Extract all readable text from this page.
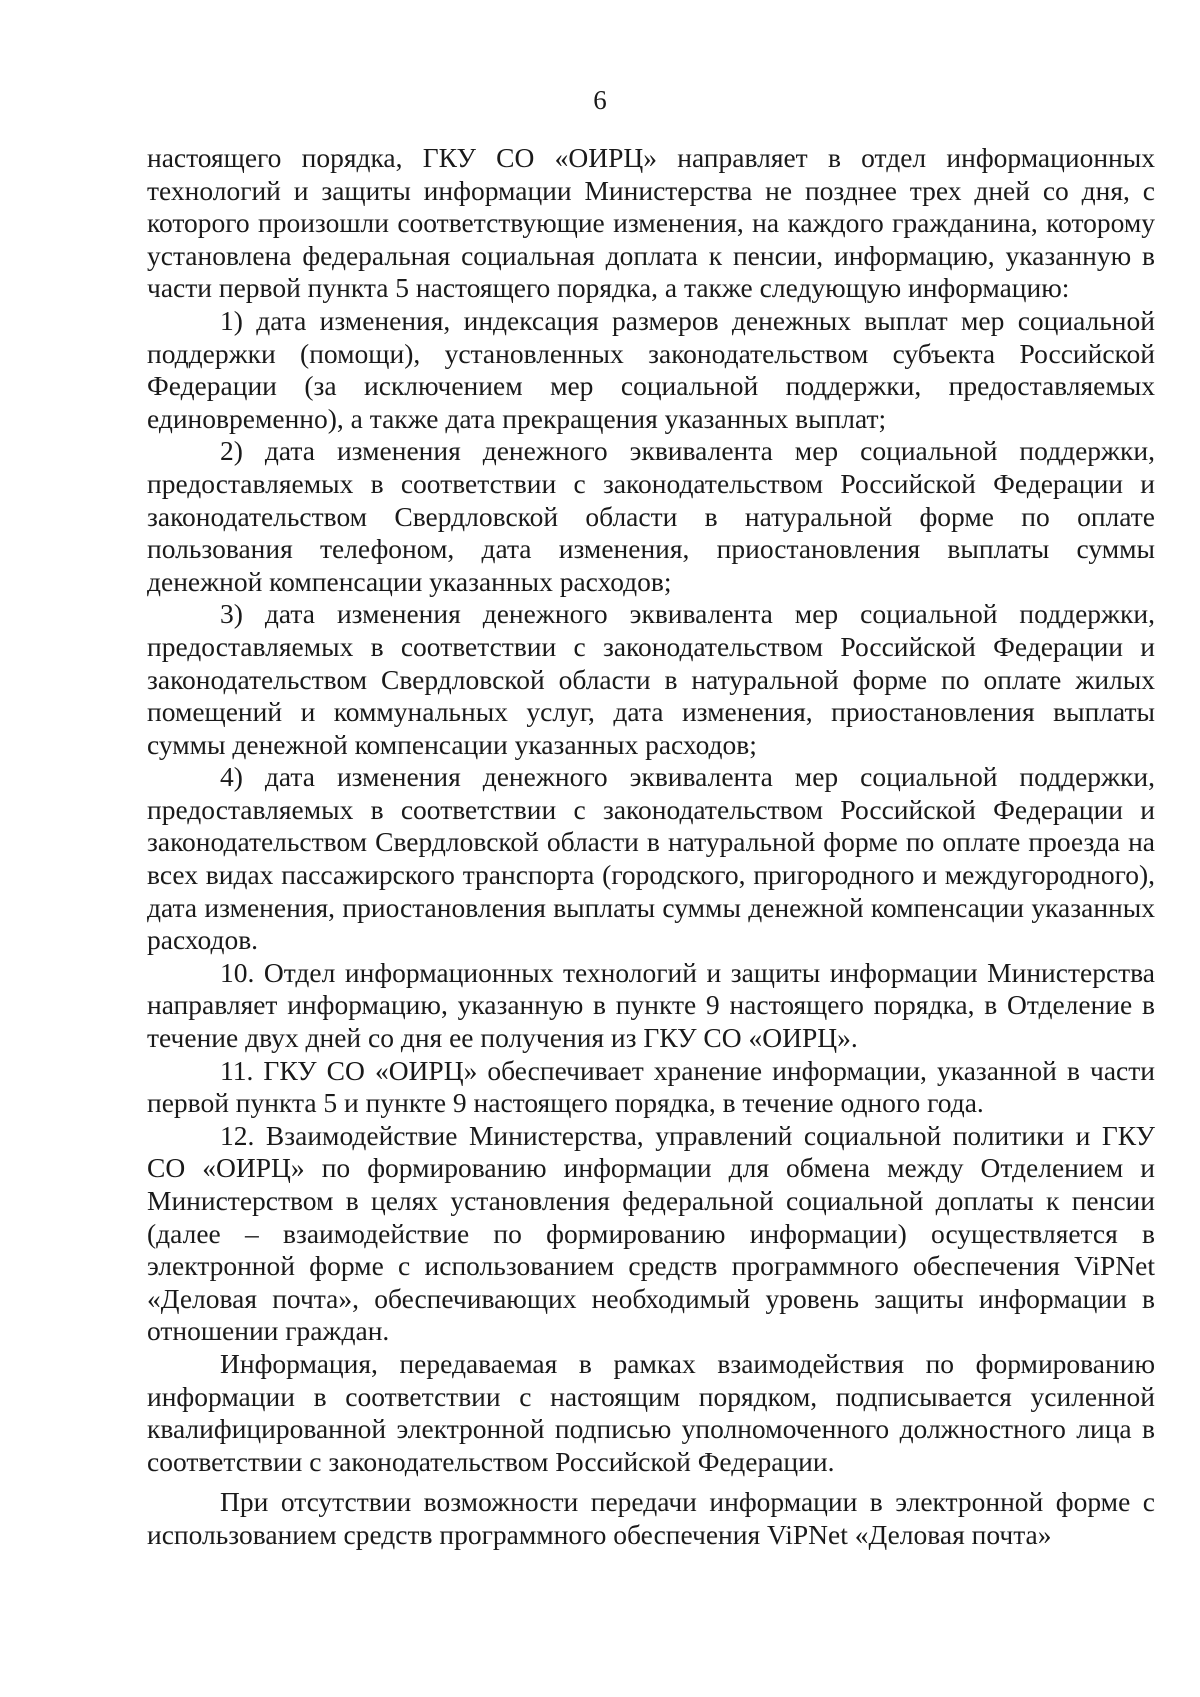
6

настоящего порядка, ГКУ СО «ОИРЦ» направляет в отдел информационных технологий и защиты информации Министерства не позднее трех дней со дня, с которого произошли соответствующие изменения, на каждого гражданина, которому установлена федеральная социальная доплата к пенсии, информацию, указанную в части первой пункта 5 настоящего порядка, а также следующую информацию:

1) дата изменения, индексация размеров денежных выплат мер социальной поддержки (помощи), установленных законодательством субъекта Российской Федерации (за исключением мер социальной поддержки, предоставляемых единовременно), а также дата прекращения указанных выплат;

2) дата изменения денежного эквивалента мер социальной поддержки, предоставляемых в соответствии с законодательством Российской Федерации и законодательством Свердловской области в натуральной форме по оплате пользования телефоном, дата изменения, приостановления выплаты суммы денежной компенсации указанных расходов;

3) дата изменения денежного эквивалента мер социальной поддержки, предоставляемых в соответствии с законодательством Российской Федерации и законодательством Свердловской области в натуральной форме по оплате жилых помещений и коммунальных услуг, дата изменения, приостановления выплаты суммы денежной компенсации указанных расходов;

4) дата изменения денежного эквивалента мер социальной поддержки, предоставляемых в соответствии с законодательством Российской Федерации и законодательством Свердловской области в натуральной форме по оплате проезда на всех видах пассажирского транспорта (городского, пригородного и междугородного), дата изменения, приостановления выплаты суммы денежной компенсации указанных расходов.

10. Отдел информационных технологий и защиты информации Министерства направляет информацию, указанную в пункте 9 настоящего порядка, в Отделение в течение двух дней со дня ее получения из ГКУ СО «ОИРЦ».

11. ГКУ СО «ОИРЦ» обеспечивает хранение информации, указанной в части первой пункта 5 и пункте 9 настоящего порядка, в течение одного года.

12. Взаимодействие Министерства, управлений социальной политики и ГКУ СО «ОИРЦ» по формированию информации для обмена между Отделением и Министерством в целях установления федеральной социальной доплаты к пенсии (далее – взаимодействие по формированию информации) осуществляется в электронной форме с использованием средств программного обеспечения ViPNet «Деловая почта», обеспечивающих необходимый уровень защиты информации в отношении граждан.

Информация, передаваемая в рамках взаимодействия по формированию информации в соответствии с настоящим порядком, подписывается усиленной квалифицированной электронной подписью уполномоченного должностного лица в соответствии с законодательством Российской Федерации.

При отсутствии возможности передачи информации в электронной форме с использованием средств программного обеспечения ViPNet «Деловая почта»
